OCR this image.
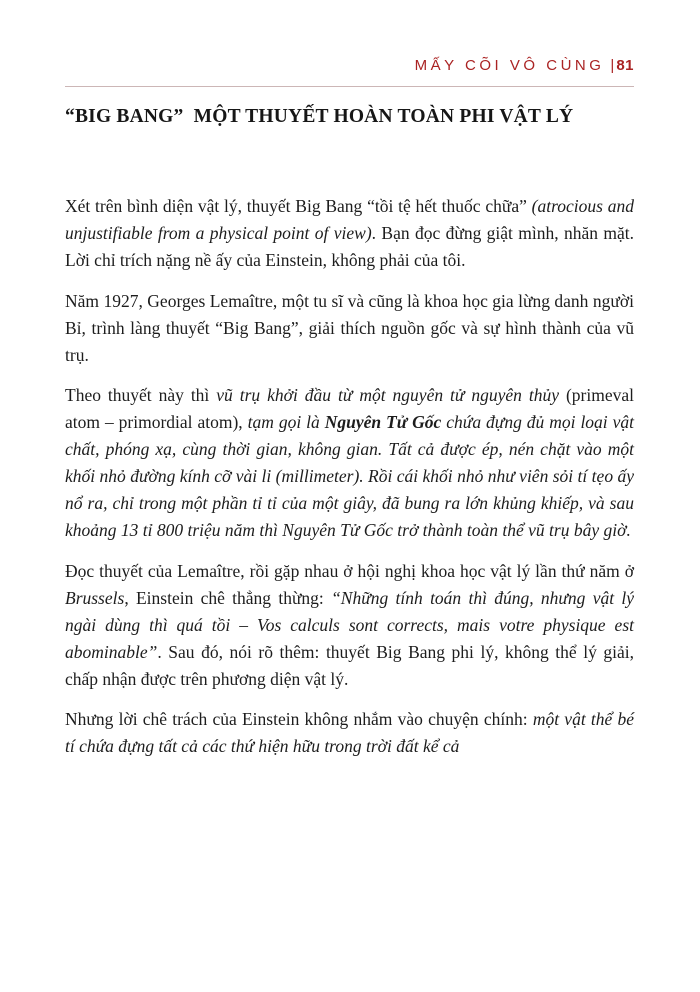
MẤY CÕI VÔ CÙNG | 81
“BIG BANG”  MỘT THUYẾT HOÀN TOÀN PHI VẬT LÝ

Xét trên bình diện vật lý, thuyết Big Bang “tồi tệ hết thuốc chữa” (atrocious and unjustifiable from a physical point of view). Bạn đọc đừng giật mình, nhăn mặt. Lời chỉ trích nặng nề ấy của Einstein, không phải của tôi.

Năm 1927, Georges Lemaître, một tu sĩ và cũng là khoa học gia lừng danh người Bỉ, trình làng thuyết “Big Bang”, giải thích nguồn gốc và sự hình thành của vũ trụ.

Theo thuyết này thì vũ trụ khởi đầu từ một nguyên tử nguyên thủy (primeval atom – primordial atom), tạm gọi là Nguyên Tử Gốc chứa đựng đủ mọi loại vật chất, phóng xạ, cùng thời gian, không gian. Tất cả được ép, nén chặt vào một khối nhỏ đường kính cỡ vài li (millimeter). Rồi cái khối nhỏ như viên sỏi tí tẹo ấy nổ ra, chỉ trong một phần tỉ tỉ của một giây, đã bung ra lớn khủng khiếp, và sau khoảng 13 tỉ 800 triệu năm thì Nguyên Tử Gốc trở thành toàn thể vũ trụ bây giờ.

Đọc thuyết của Lemaître, rồi gặp nhau ở hội nghị khoa học vật lý lần thứ năm ở Brussels, Einstein chê thẳng thừng: “Những tính toán thì đúng, nhưng vật lý ngài dùng thì quá tồi – Vos calculs sont corrects, mais votre physique est abominable”. Sau đó, nói rõ thêm: thuyết Big Bang phi lý, không thể lý giải, chấp nhận được trên phương diện vật lý.

Nhưng lời chê trách của Einstein không nhắm vào chuyện chính: một vật thể bé tí chứa đựng tất cả các thứ hiện hữu trong trời đất kể cả
